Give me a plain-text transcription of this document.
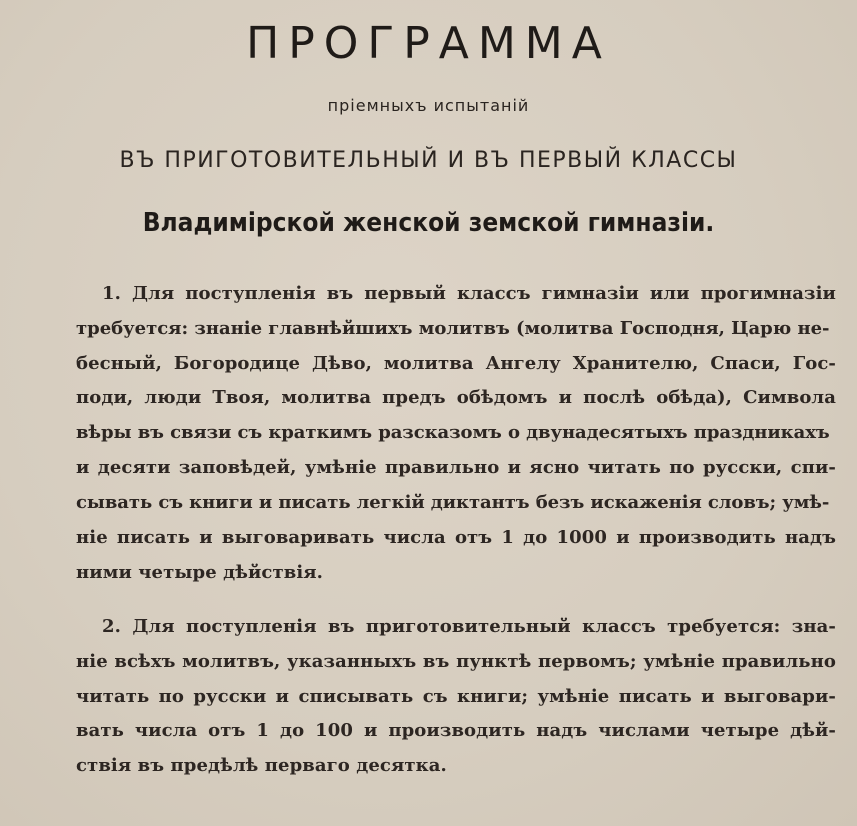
ПРОГРАММА
пріемныхъ испытаній
ВЪ ПРИГОТОВИТЕЛЬНЫЙ И ВЪ ПЕРВЫЙ КЛАССЫ
Владимірской женской земской гимназіи.
1. Для поступленія въ первый классъ гимназіи или прогимназіи
требуется: знаніе главнѣйшихъ молитвъ (молитва Господня, Царю не-
бесный, Богородице Дѣво, молитва Ангелу Хранителю, Спаси, Гос-
поди, люди Твоя, молитва предъ обѣдомъ и послѣ обѣда), Символа
вѣры въ связи съ краткимъ разсказомъ о двунадесятыхъ праздникахъ
и десяти заповѣдей, умѣніе правильно и ясно читать по русски, спи-
сывать съ книги и писать легкій диктантъ безъ искаженія словъ; умѣ-
ніе писать и выговаривать числа отъ 1 до 1000 и производить надъ
ними четыре дѣйствія.
2. Для поступленія въ приготовительный классъ требуется: зна-
ніе всѣхъ молитвъ, указанныхъ въ пунктѣ первомъ; умѣніе правильно
читать по русски и списывать съ книги; умѣніе писать и выговари-
вать числа отъ 1 до 100 и производить надъ числами четыре дѣй-
ствія въ предѣлѣ перваго десятка.
